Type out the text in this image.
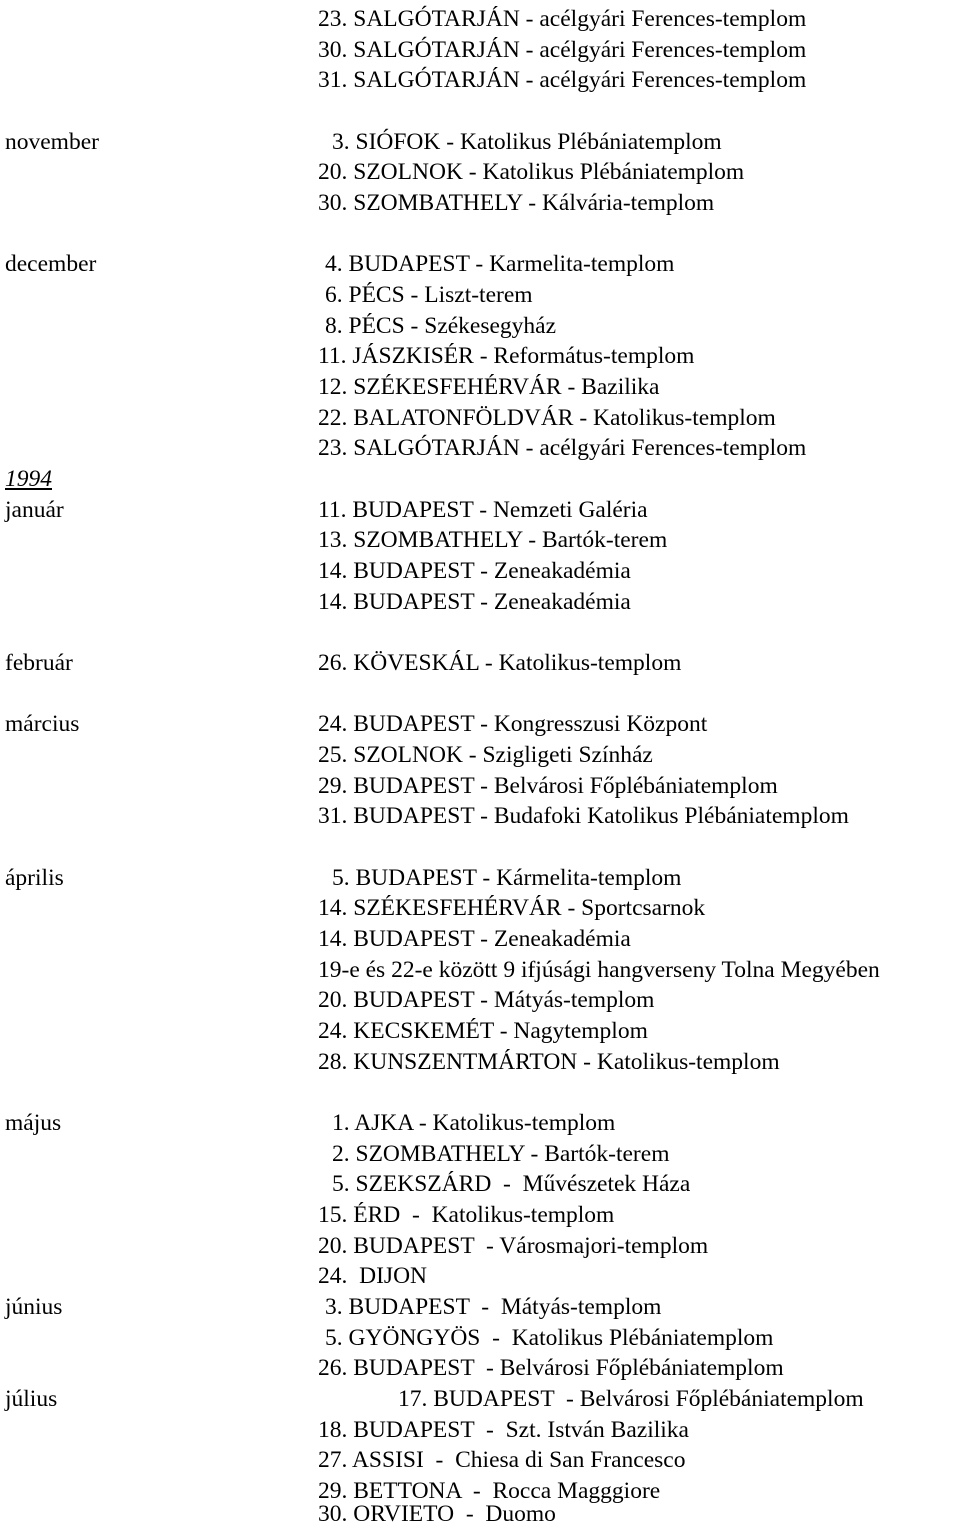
23. SALGÓTARJÁN - acélgyári Ferences-templom
30. SALGÓTARJÁN - acélgyári Ferences-templom
31. SALGÓTARJÁN - acélgyári Ferences-templom
november	3. SIÓFOK - Katolikus Plébániatemplom
20. SZOLNOK - Katolikus Plébániatemplom
30. SZOMBATHELY - Kálvária-templom
december	4. BUDAPEST - Karmelita-templom
6. PÉCS - Liszt-terem
8. PÉCS - Székesegyház
11. JÁSZKISÉR - Református-templom
12. SZÉKESFEHÉRVÁR - Bazilika
22. BALATONFÖLDVÁR - Katolikus-templom
23. SALGÓTARJÁN - acélgyári Ferences-templom
1994
január	11. BUDAPEST - Nemzeti Galéria
13. SZOMBATHELY - Bartók-terem
14. BUDAPEST - Zeneakadémia
14. BUDAPEST - Zeneakadémia
február	26. KÖVESKÁL - Katolikus-templom
március	24. BUDAPEST - Kongresszusi Központ
25. SZOLNOK - Szigligeti Színház
29. BUDAPEST - Belvárosi Főplébániatemplom
31. BUDAPEST - Budafoki Katolikus Plébániatemplom
április	5. BUDAPEST - Kármelita-templom
14. SZÉKESFEHÉRVÁR - Sportcsarnok
14. BUDAPEST - Zeneakadémia
19-e és 22-e között 9 ifjúsági hangverseny Tolna Megyében
20. BUDAPEST - Mátyás-templom
24. KECSKEMÉT - Nagytemplom
28. KUNSZENTMÁRTON - Katolikus-templom
május	1. AJKA - Katolikus-templom
2. SZOMBATHELY - Bartók-terem
5. SZEKSZÁRD  -  Művészetek Háza
15. ÉRD  -  Katolikus-templom
20. BUDAPEST  - Városmajori-templom
24.  DIJON
június	3. BUDAPEST  -  Mátyás-templom
5. GYÖNGYÖS  -  Katolikus Plébániatemplom
26. BUDAPEST  - Belvárosi Főplébániatemplom
július	17. BUDAPEST  - Belvárosi Főplébániatemplom
18. BUDAPEST  -  Szt. István Bazilika
27. ASSISI  -  Chiesa di San Francesco
29. BETTONA  -  Rocca Magggiore
30. ORVIETO  -  Duomo
